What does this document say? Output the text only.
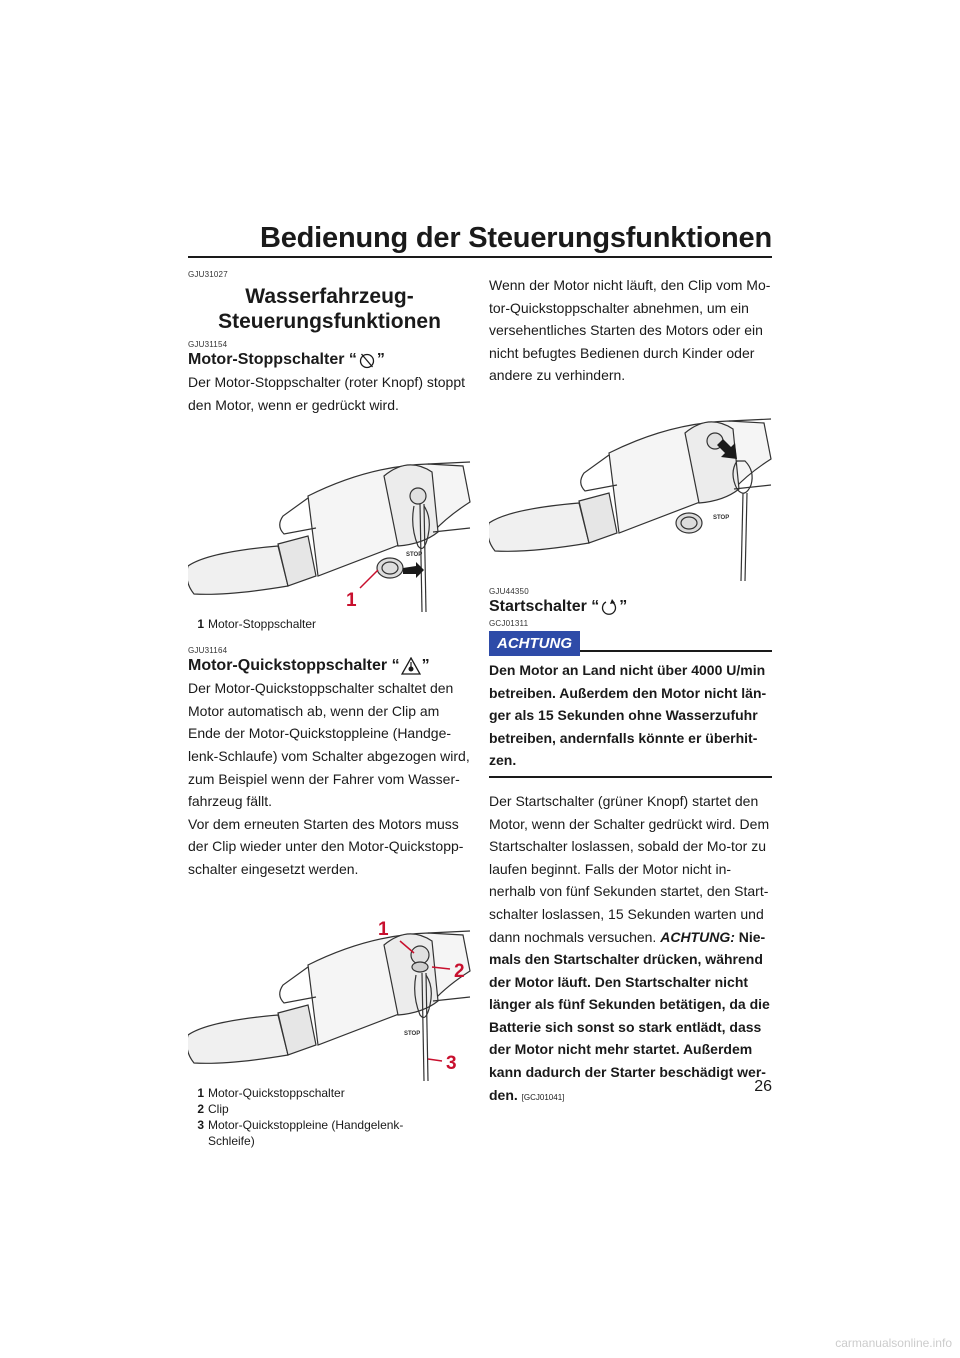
Bedienung der Steuerungsfunktionen
GJU31027
Wasserfahrzeug-
Steuerungsfunktionen
GJU31154
Motor-Stoppschalter “ ”
Der Motor-Stoppschalter (roter Knopf) stoppt den Motor, wenn er gedrückt wird.
STOP
1
1 Motor-Stoppschalter
GJU31164
Motor-Quickstoppschalter “ ”
Der Motor-Quickstoppschalter schaltet den Motor automatisch ab, wenn der Clip am Ende der Motor-Quickstoppleine (Handge-lenk-Schlaufe) vom Schalter abgezogen wird, zum Beispiel wenn der Fahrer vom Wasser-fahrzeug fällt.
Vor dem erneuten Starten des Motors muss der Clip wieder unter den Motor-Quickstopp-schalter eingesetzt werden.
STOP
1
2
3
1 Motor-Quickstoppschalter
2 Clip
3 Motor-Quickstoppleine (Handgelenk-Schleife)
Wenn der Motor nicht läuft, den Clip vom Mo-tor-Quickstoppschalter abnehmen, um ein versehentliches Starten des Motors oder ein nicht befugtes Bedienen durch Kinder oder andere zu verhindern.
STOP
GJU44350
Startschalter “ ”
GCJ01311
ACHTUNG
Den Motor an Land nicht über 4000 U/min betreiben. Außerdem den Motor nicht län-ger als 15 Sekunden ohne Wasserzufuhr betreiben, andernfalls könnte er überhit-zen.
Der Startschalter (grüner Knopf) startet den Motor, wenn der Schalter gedrückt wird. Dem Startschalter loslassen, sobald der Mo-tor zu laufen beginnt. Falls der Motor nicht in-nerhalb von fünf Sekunden startet, den Start-schalter loslassen, 15 Sekunden warten und dann nochmals versuchen. ACHTUNG: Nie-mals den Startschalter drücken, während der Motor läuft. Den Startschalter nicht länger als fünf Sekunden betätigen, da die Batterie sich sonst so stark entlädt, dass der Motor nicht mehr startet. Außerdem kann dadurch der Starter beschädigt wer-den. [GCJ01041]
26
carmanualsonline.info
